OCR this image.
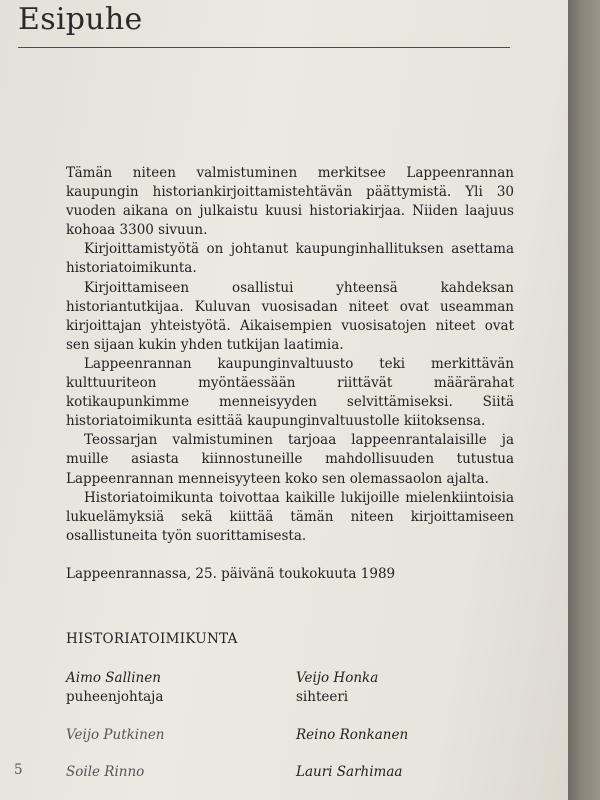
Esipuhe

Tämän niteen valmistuminen merkitsee Lappeenrannan kaupungin historiankirjoittamistehtävän päättymistä. Yli 30 vuoden aikana on julkaistu kuusi historiakirjaa. Niiden laajuus kohoaa 3300 sivuun.

Kirjoittamistyötä on johtanut kaupunginhallituksen asettama historiatoimikunta.

Kirjoittamiseen osallistui yhteensä kahdeksan historiantutkijaa. Kuluvan vuosisadan niteet ovat useamman kirjoittajan yhteistyötä. Aikaisempien vuosisatojen niteet ovat sen sijaan kukin yhden tutkijan laatimia.

Lappeenrannan kaupunginvaltuusto teki merkittävän kulttuuriteon myöntäessään riittävät määrärahat kotikaupunkimme menneisyyden selvittämiseksi. Siitä historiatoimikunta esittää kaupunginvaltuustolle kiitoksensa.

Teossarjan valmistuminen tarjoaa lappeenrantalaisille ja muille asiasta kiinnostuneille mahdollisuuden tutustua Lappeenrannan menneisyyteen koko sen olemassaolon ajalta.

Historiatoimikunta toivottaa kaikille lukijoille mielenkiintoisia lukuelämyksiä sekä kiittää tämän niteen kirjoittamiseen osallistuneita työn suorittamisesta.

Lappeenrannassa, 25. päivänä toukokuuta 1989
HISTORIATOIMIKUNTA
Aimo Sallinen
puheenjohtaja
Veijo Honka
sihteeri
Veijo Putkinen	Reino Ronkanen
Soile Rinno	Lauri Sarhimaa
5
